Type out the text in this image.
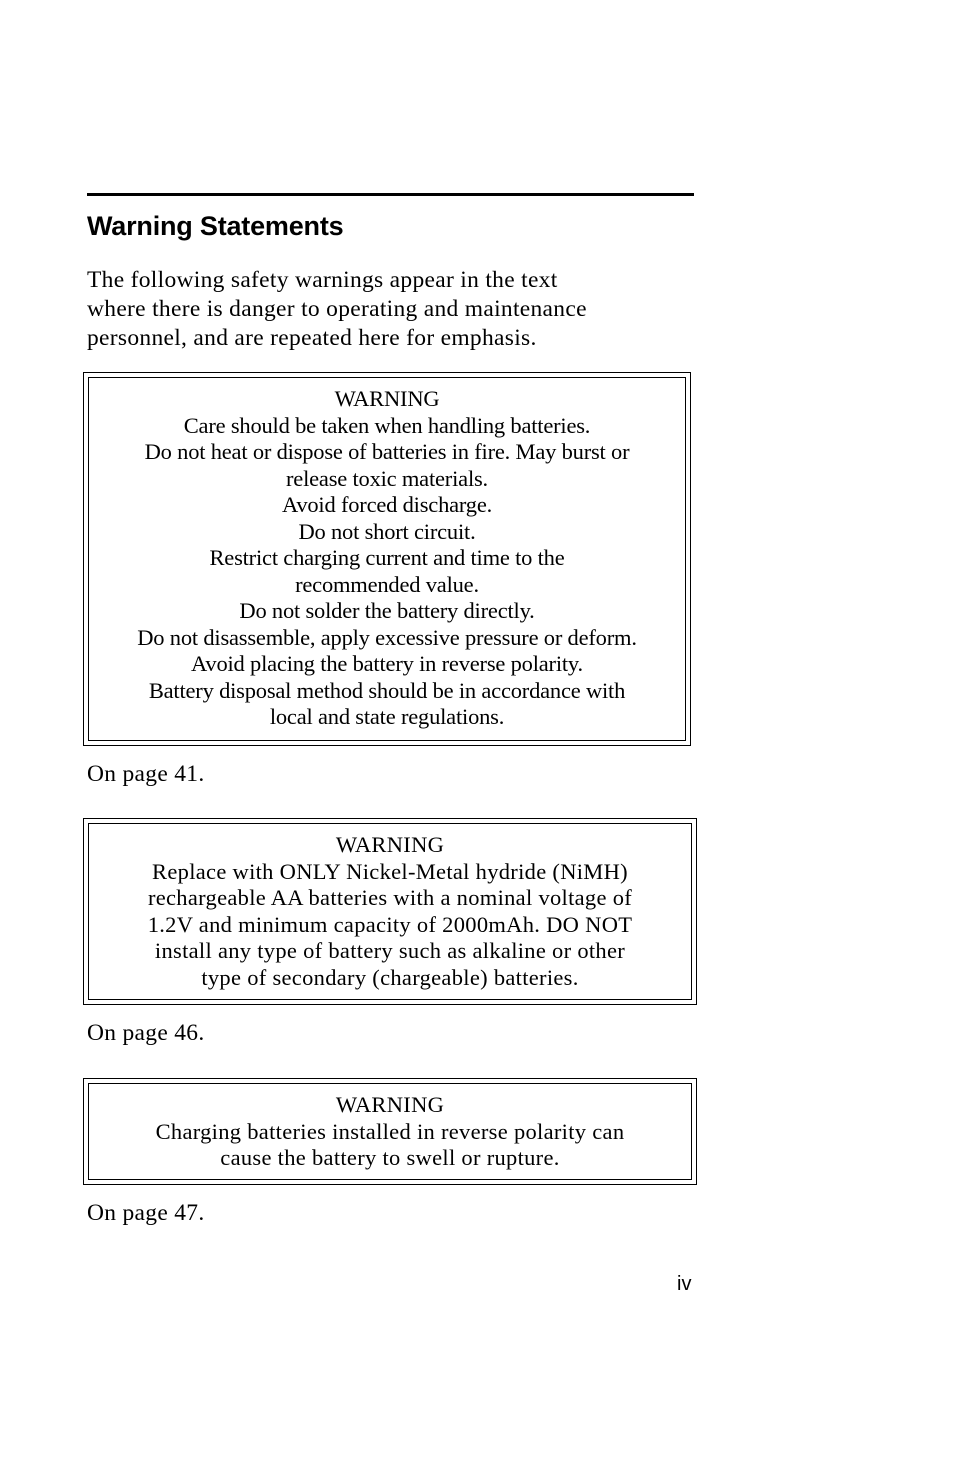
Warning Statements

The following safety warnings appear in the text
where there is danger to operating and maintenance
personnel, and are repeated here for emphasis.

WARNING
Care should be taken when handling batteries.
Do not heat or dispose of batteries in fire. May burst or
release toxic materials.
Avoid forced discharge.
Do not short circuit.
Restrict charging current and time to the
recommended value.
Do not solder the battery directly.
Do not disassemble, apply excessive pressure or deform.
Avoid placing the battery in reverse polarity.
Battery disposal method should be in accordance with
local and state regulations.

On page 41.

WARNING
Replace with ONLY Nickel-Metal hydride (NiMH)
rechargeable AA batteries with a nominal voltage of
1.2V and minimum capacity of 2000mAh. DO NOT
install any type of battery such as alkaline or other
type of secondary (chargeable) batteries.

On page 46.

WARNING
Charging batteries installed in reverse polarity can
cause the battery to swell or rupture.

On page 47.

iv
